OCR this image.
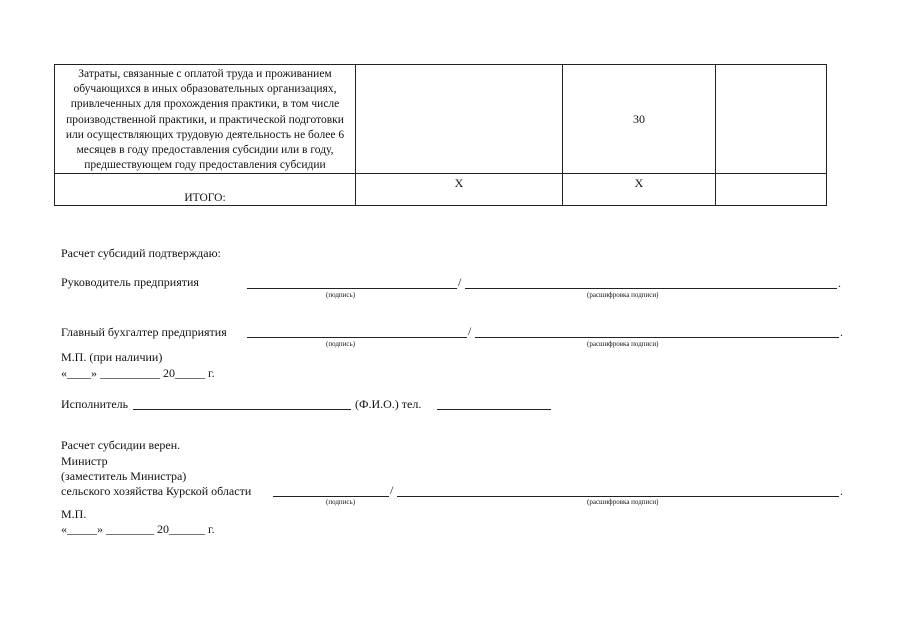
Затраты, связанные с оплатой труда и проживанием обучающихся в иных образовательных организациях, привлеченных для прохождения практики, в том числе производственной практики, и практической подготовки или осуществляющих трудовую деятельность не более 6 месяцев в году предоставления субсидии или в году, предшествующем году предоставления субсидии		30	
ИТОГО:	Х	Х	
Расчет субсидий подтверждаю:
Руководитель предприятия	/	.
(подпись)	(расшифровка подписи)
Главный бухгалтер предприятия	/	.
(подпись)	(расшифровка подписи)
М.П. (при наличии)
«____» __________ 20_____ г.
Исполнитель	(Ф.И.О.) тел.
Расчет субсидии верен.
Министр
(заместитель Министра)
сельского хозяйства Курской области	/	.
(подпись)	(расшифровка подписи)
М.П.
«_____» ________ 20______ г.
